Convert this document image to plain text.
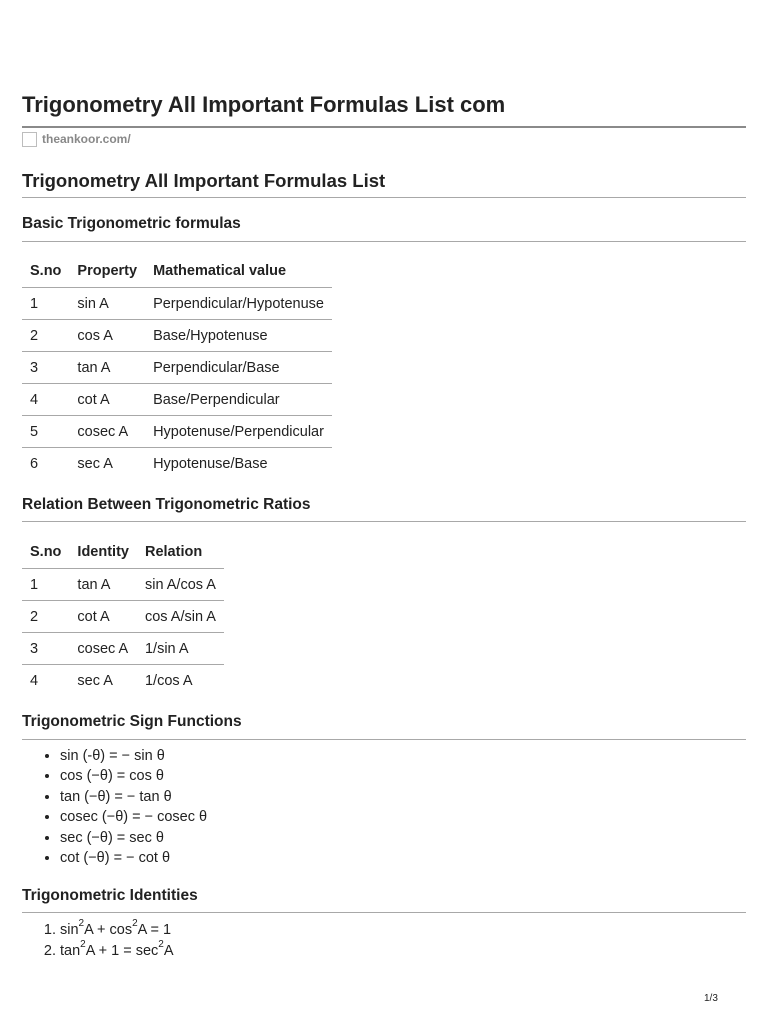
Trigonometry All Important Formulas List com
theankoor.com/
Trigonometry All Important Formulas List
Basic Trigonometric formulas
S.no	Property	Mathematical value
1	sin A	Perpendicular/Hypotenuse
2	cos A	Base/Hypotenuse
3	tan A	Perpendicular/Base
4	cot A	Base/Perpendicular
5	cosec A	Hypotenuse/Perpendicular
6	sec A	Hypotenuse/Base
Relation Between Trigonometric Ratios
S.no	Identity	Relation
1	tan A	sin A/cos A
2	cot A	cos A/sin A
3	cosec A	1/sin A
4	sec A	1/cos A
Trigonometric Sign Functions
• sin (-θ) = − sin θ
• cos (−θ) = cos θ
• tan (−θ) = − tan θ
• cosec (−θ) = − cosec θ
• sec (−θ) = sec θ
• cot (−θ) = − cot θ
Trigonometric Identities
1. $\sin^2A + \cos^2A = 1$
2. $\tan^2A + 1 = \sec^2A$
1/3
